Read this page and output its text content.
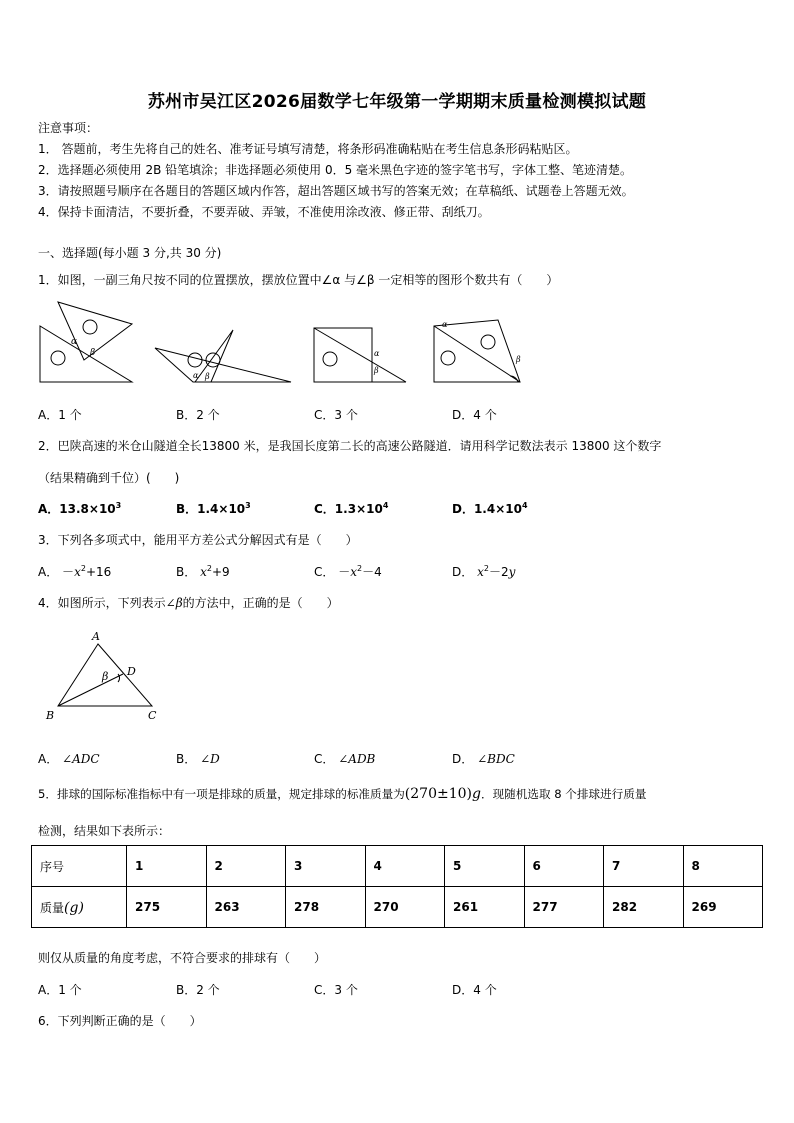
苏州市吴江区2026届数学七年级第一学期期末质量检测模拟试题
注意事项：
1． 答题前，考生先将自己的姓名、准考证号填写清楚，将条形码准确粘贴在考生信息条形码粘贴区。
2．选择题必须使用 2B 铅笔填涂；非选择题必须使用 0．5 毫米黑色字迹的签字笔书写，字体工整、笔迹清楚。
3．请按照题号顺序在各题目的答题区域内作答，超出答题区域书写的答案无效；在草稿纸、试题卷上答题无效。
4．保持卡面清洁，不要折叠，不要弄破、弄皱，不准使用涂改液、修正带、刮纸刀。
一、选择题(每小题 3 分,共 30 分)
1．如图，一副三角尺按不同的位置摆放，摆放位置中∠α 与∠β 一定相等的图形个数共有（　　）
α
β
α β
α
β
α
β
A．1 个	B．2 个	C．3 个	D．4 个
2．巴陕高速的米仓山隧道全长13800 米，是我国长度第二长的高速公路隧道．请用科学记数法表示 13800 这个数字
（结果精确到千位）(　　)
A．$13.8\times 10^3$	B．$1.4\times 10^3$	C．$1.3\times 10^4$	D．$1.4\times 10^4$
3．下列各多项式中，能用平方差公式分解因式有是（　　）
A． $-x^2+16$	B． $x^2+9$	C． $-x^2-4$	D． $x^2-2y$
4．如图所示，下列表示∠β的方法中，正确的是（　　）
A
B	C
D
β
A． ∠ADC	B． ∠D	C． ∠ADB	D． ∠BDC
5．排球的国际标准指标中有一项是排球的质量，规定排球的标准质量为(270±10)g．现随机选取 8 个排球进行质量
检测，结果如下表所示：
序号	1	2	3	4	5	6	7	8
质量(g)	275	263	278	270	261	277	282	269
则仅从质量的角度考虑，不符合要求的排球有（　　）
A．1 个	B．2 个	C．3 个	D．4 个
6．下列判断正确的是（　　）
